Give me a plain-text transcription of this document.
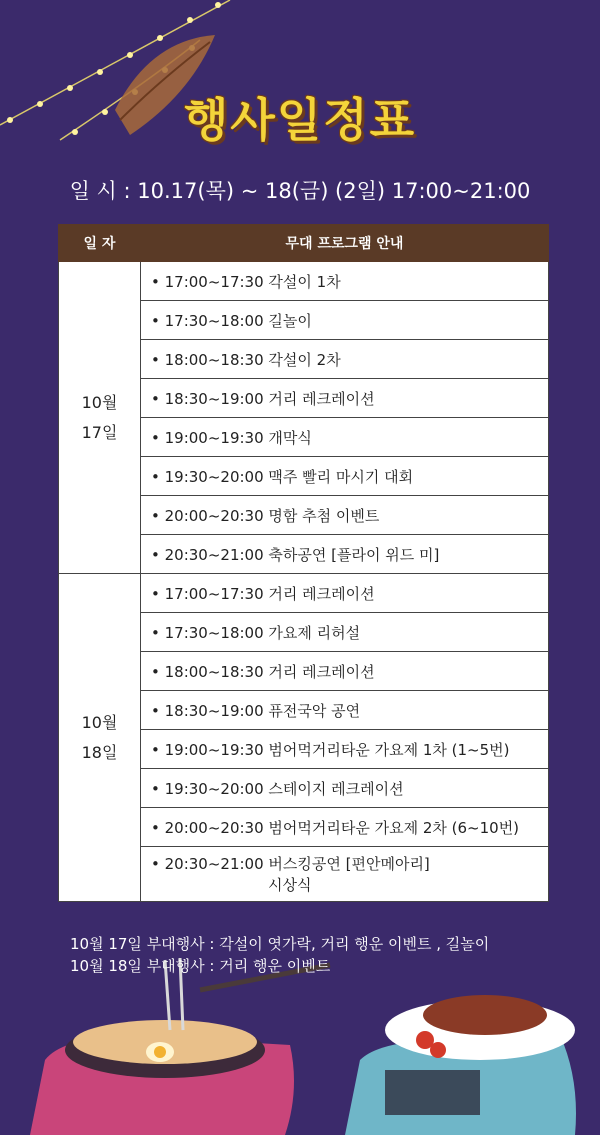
행사일정표
일 시 : 10.17(목) ~ 18(금) (2일) 17:00~21:00
일 자	무대 프로그램 안내
10월
17일	• 17:00~17:30 각설이 1차
	• 17:30~18:00 길놀이
	• 18:00~18:30 각설이 2차
	• 18:30~19:00 거리 레크레이션
	• 19:00~19:30 개막식
	• 19:30~20:00 맥주 빨리 마시기 대회
	• 20:00~20:30 명함 추첨 이벤트
	• 20:30~21:00 축하공연 [플라이 위드 미]
10월
18일	• 17:00~17:30 거리 레크레이션
	• 17:30~18:00 가요제 리허설
	• 18:00~18:30 거리 레크레이션
	• 18:30~19:00 퓨전국악 공연
	• 19:00~19:30 범어먹거리타운 가요제 1차 (1~5번)
	• 19:30~20:00 스테이지 레크레이션
	• 20:00~20:30 범어먹거리타운 가요제 2차 (6~10번)
	• 20:30~21:00 버스킹공연 [편안메아리]
시상식
10월 17일 부대행사 : 각설이 엿가락, 거리 행운 이벤트 , 길놀이
10월 18일 부대행사 : 거리 행운 이벤트
